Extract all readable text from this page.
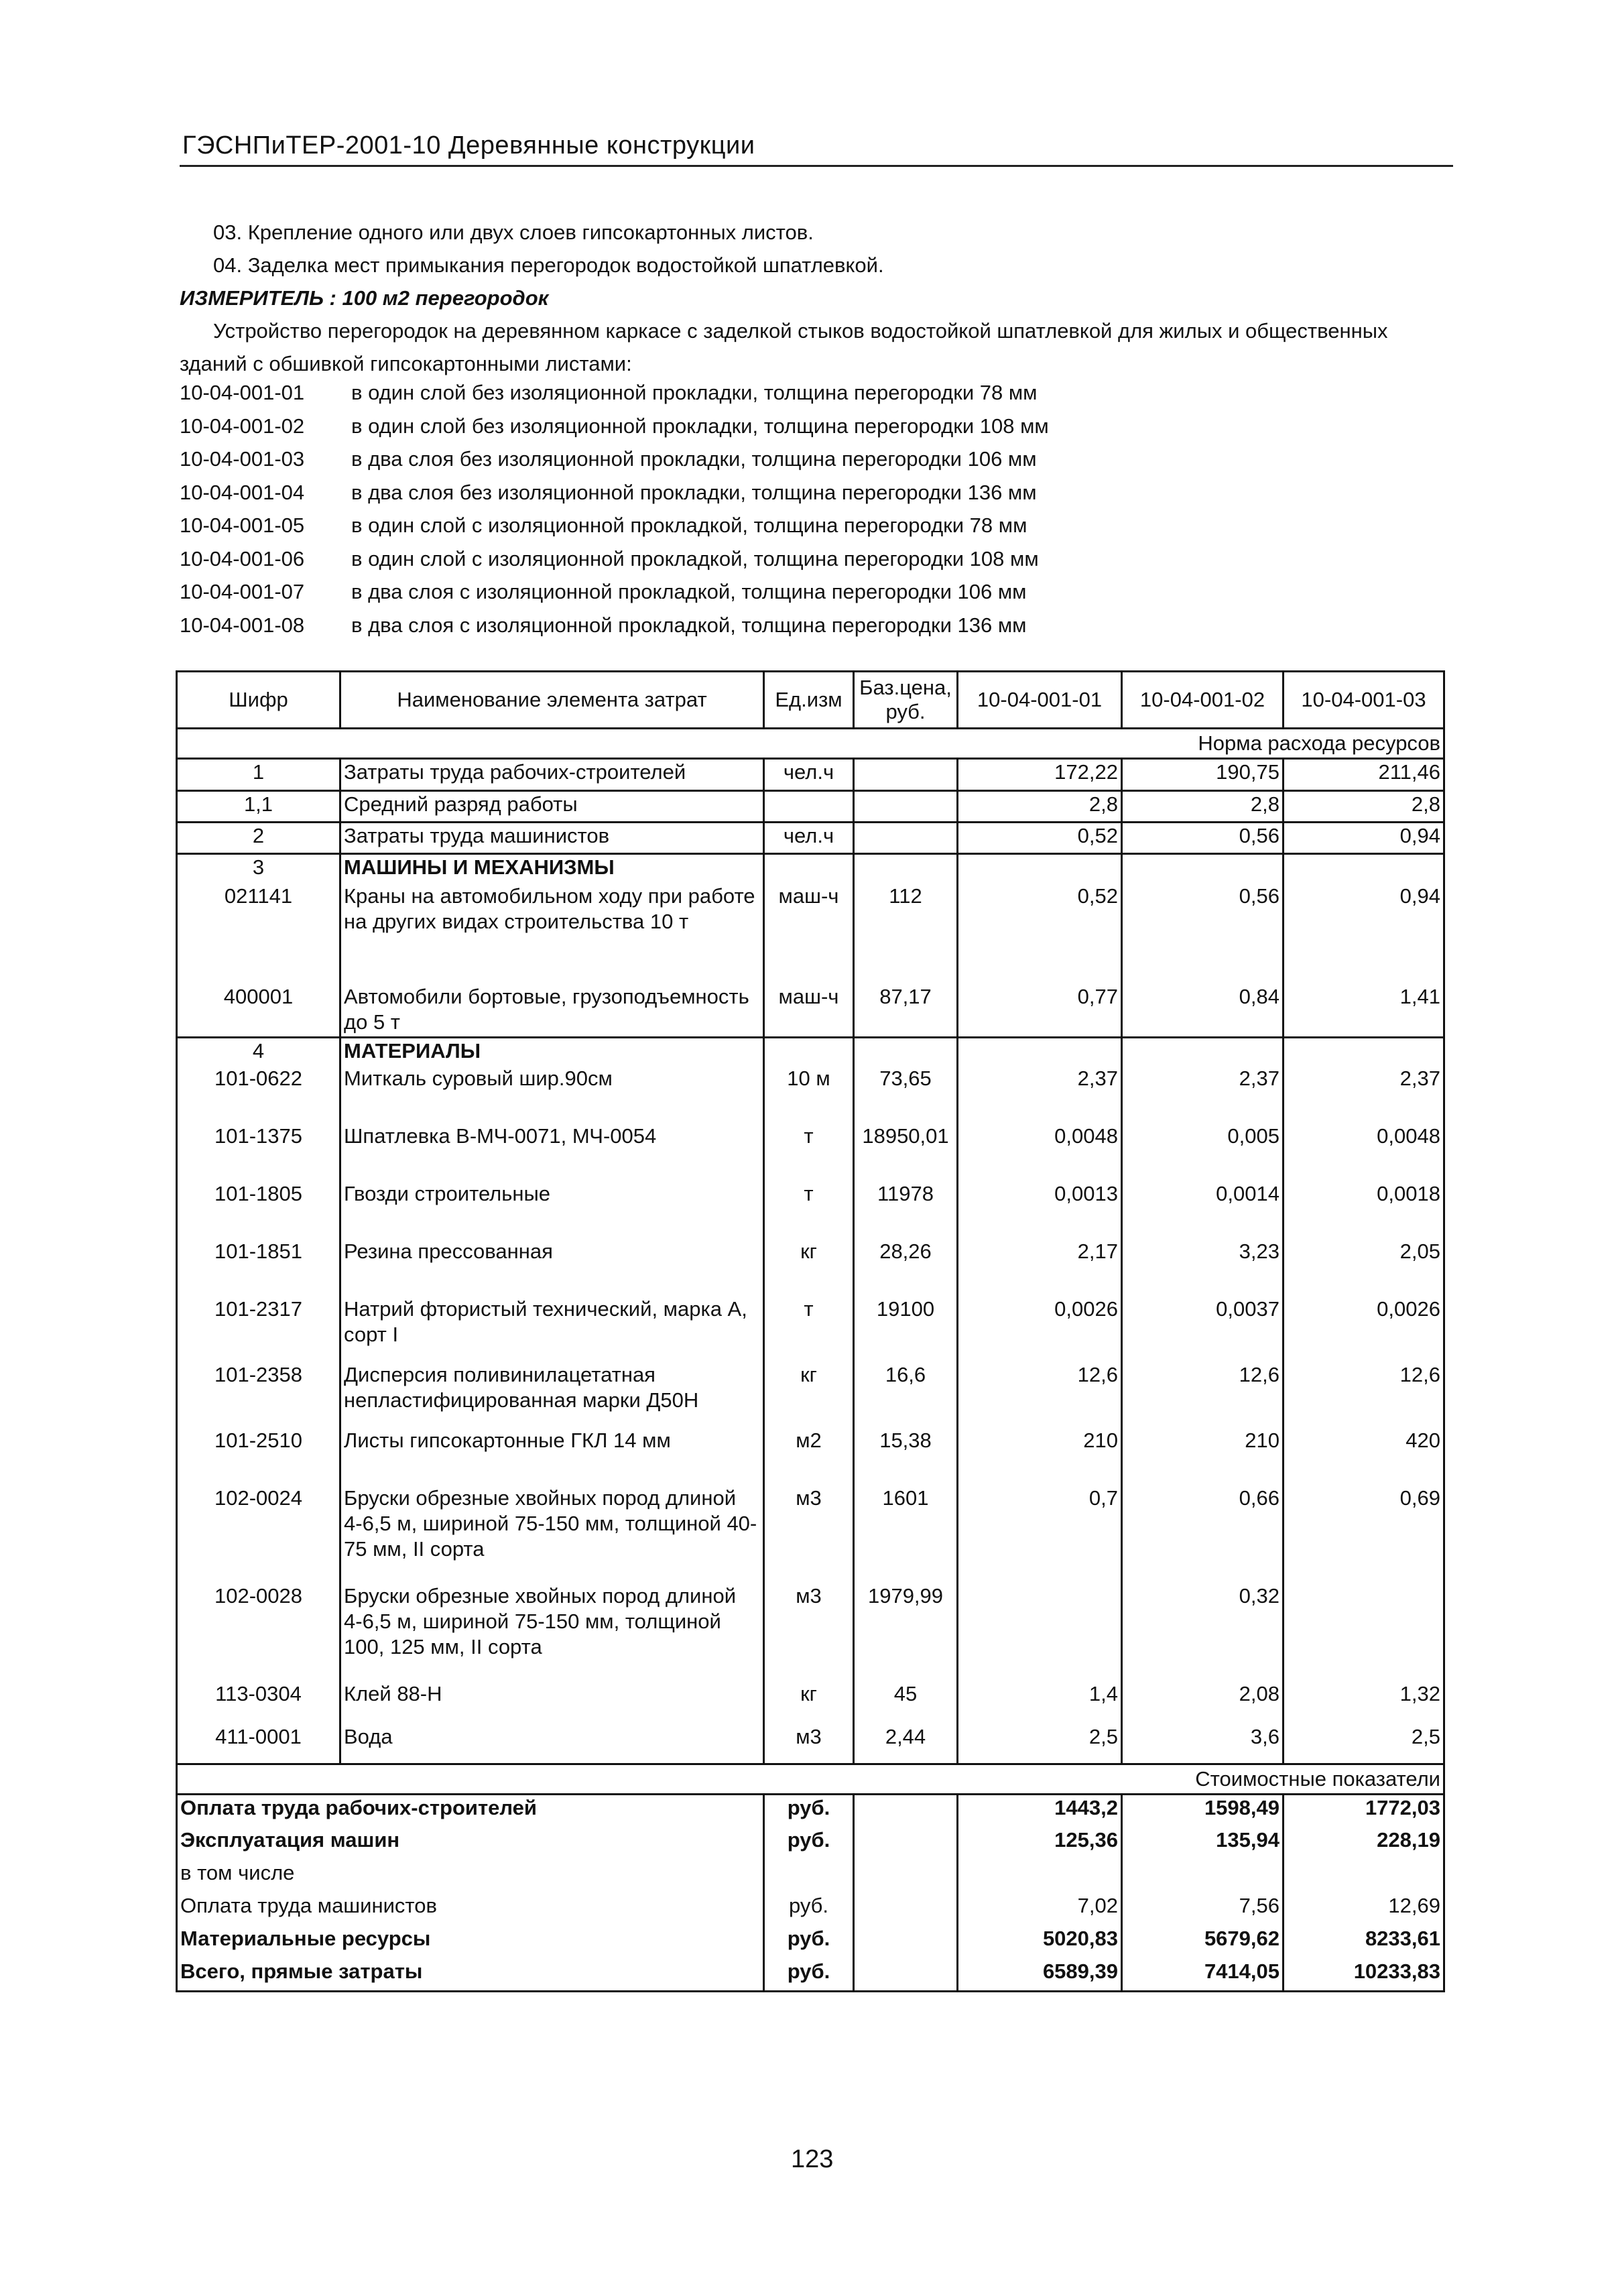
ГЭСНПиТЕР-2001-10 Деревянные конструкции
03. Крепление одного или двух слоев гипсокартонных листов.
04. Заделка мест примыкания перегородок водостойкой шпатлевкой.
ИЗМЕРИТЕЛЬ : 100 м2 перегородок
Устройство перегородок на деревянном каркасе с заделкой стыков водостойкой шпатлевкой для жилых и общественных зданий с обшивкой гипсокартонными листами:
10-04-001-01 в один слой без изоляционной прокладки, толщина перегородки 78 мм
10-04-001-02 в один слой без изоляционной прокладки, толщина перегородки 108 мм
10-04-001-03 в два слоя без изоляционной прокладки, толщина перегородки 106 мм
10-04-001-04 в два слоя без изоляционной прокладки, толщина перегородки 136 мм
10-04-001-05 в один слой с изоляционной прокладкой, толщина перегородки 78 мм
10-04-001-06 в один слой с изоляционной прокладкой, толщина перегородки 108 мм
10-04-001-07 в два слоя с изоляционной прокладкой, толщина перегородки 106 мм
10-04-001-08 в два слоя с изоляционной прокладкой, толщина перегородки 136 мм
Шифр	Наименование элемента затрат	Ед.изм	Баз.цена, руб.	10-04-001-01	10-04-001-02	10-04-001-03
Норма расхода ресурсов						
1	Затраты труда рабочих-строителей	чел.ч		172,22	190,75	211,46
1,1	Средний разряд работы			2,8	2,8	2,8
2	Затраты труда машинистов	чел.ч		0,52	0,56	0,94
3	МАШИНЫ И МЕХАНИЗМЫ					
021141	Краны на автомобильном ходу при работе на других видах строительства 10 т	маш-ч	112	0,52	0,56	0,94
400001	Автомобили бортовые, грузоподъемность до 5 т	маш-ч	87,17	0,77	0,84	1,41
4	МАТЕРИАЛЫ					
101-0622	Миткаль суровый шир.90см	10 м	73,65	2,37	2,37	2,37
101-1375	Шпатлевка В-МЧ-0071, МЧ-0054	т	18950,01	0,0048	0,005	0,0048
101-1805	Гвозди строительные	т	11978	0,0013	0,0014	0,0018
101-1851	Резина прессованная	кг	28,26	2,17	3,23	2,05
101-2317	Натрий фтористый технический, марка А, сорт I	т	19100	0,0026	0,0037	0,0026
101-2358	Дисперсия поливинилацетатная непластифицированная марки Д50Н	кг	16,6	12,6	12,6	12,6
101-2510	Листы гипсокартонные ГКЛ 14 мм	м2	15,38	210	210	420
102-0024	Бруски обрезные хвойных пород длиной 4-6,5 м, шириной 75-150 мм, толщиной 40-75 мм, II сорта	м3	1601	0,7	0,66	0,69
102-0028	Бруски обрезные хвойных пород длиной 4-6,5 м, шириной 75-150 мм, толщиной 100, 125 мм, II сорта	м3	1979,99		0,32	
113-0304	Клей 88-Н	кг	45	1,4	2,08	1,32
411-0001	Вода	м3	2,44	2,5	3,6	2,5
Стоимостные показатели						
Оплата труда рабочих-строителей		руб.		1443,2	1598,49	1772,03
Эксплуатация машин		руб.		125,36	135,94	228,19
в том числе						
Оплата труда машинистов		руб.		7,02	7,56	12,69
Материальные ресурсы		руб.		5020,83	5679,62	8233,61
Всего, прямые затраты		руб.		6589,39	7414,05	10233,83
123
